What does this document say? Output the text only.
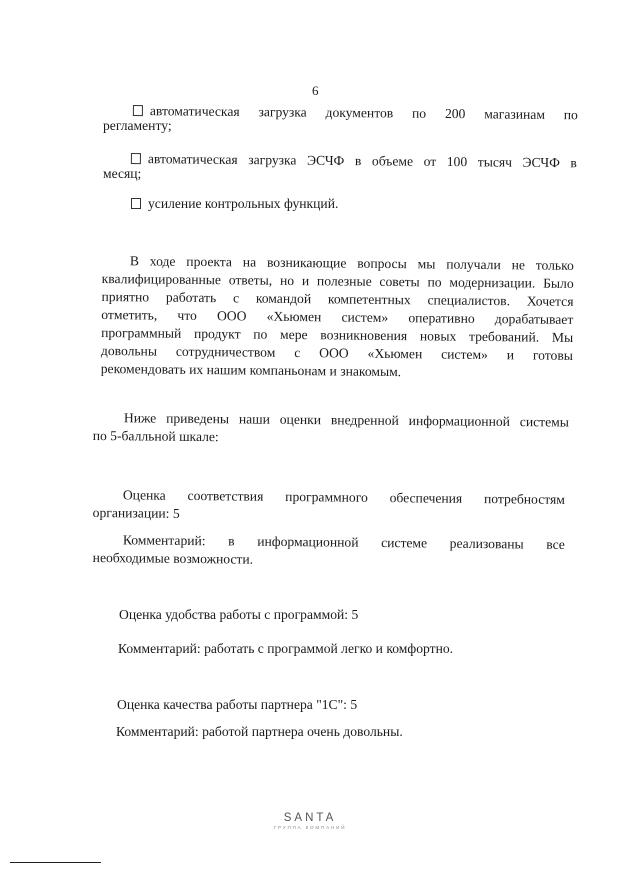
6
автоматическая загрузка документов по 200 магазинам по
регламенту;
автоматическая загрузка ЭСЧФ в объеме от 100 тысяч ЭСЧФ в
месяц;
усиление контрольных функций.
В ходе проекта на возникающие вопросы мы получали не только
квалифицированные ответы, но и полезные советы по модернизации. Было
приятно работать с командой компетентных специалистов. Хочется
отметить, что ООО «Хьюмен систем» оперативно дорабатывает
программный продукт по мере возникновения новых требований. Мы
довольны сотрудничеством с ООО «Хьюмен систем» и готовы
рекомендовать их нашим компаньонам и знакомым.
Ниже приведены наши оценки внедренной информационной системы
по 5-балльной шкале:
Оценка соответствия программного обеспечения потребностям
организации: 5
Комментарий: в информационной системе реализованы все
необходимые возможности.
Оценка удобства работы с программой: 5
Комментарий: работать с программой легко и комфортно.
Оценка качества работы партнера "1С": 5
Комментарий: работой партнера очень довольны.
SANTA
ГРУППА КОМПАНИЙ
